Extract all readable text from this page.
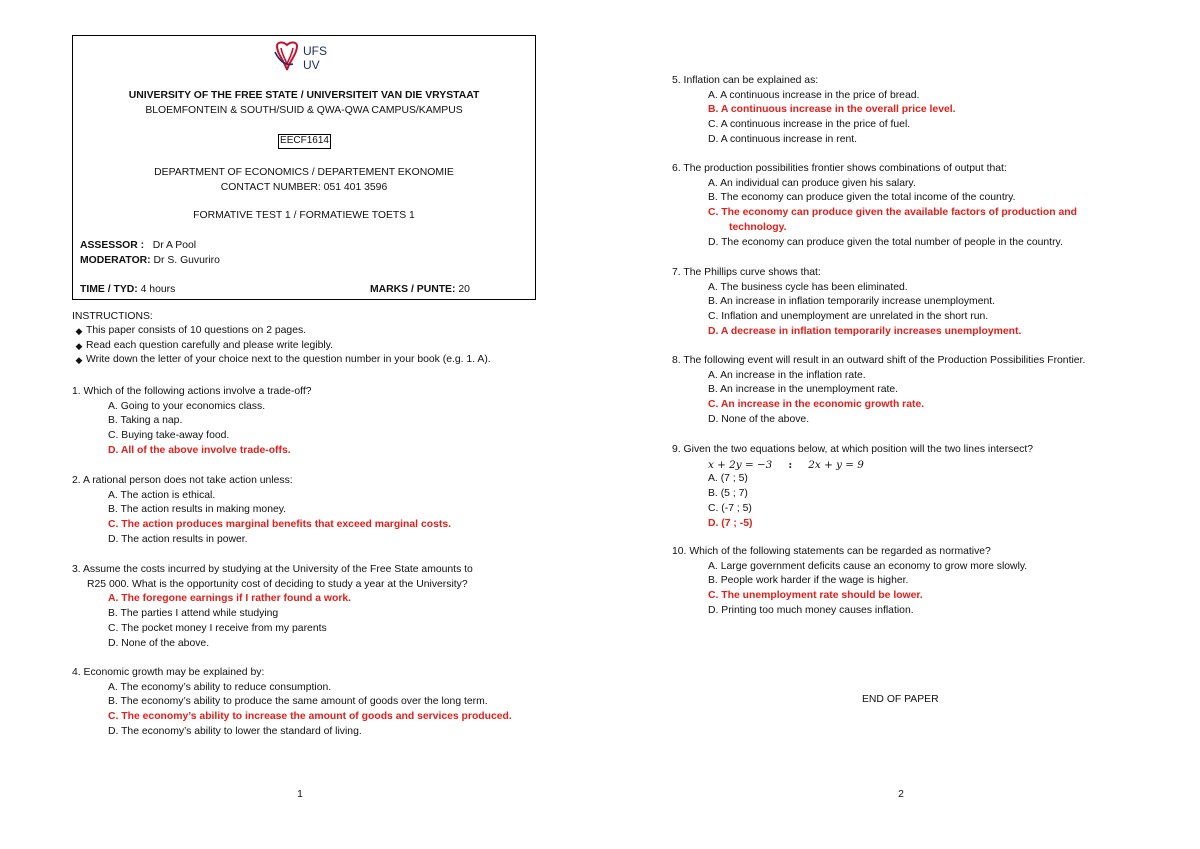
UFS
UV
UNIVERSITY OF THE FREE STATE / UNIVERSITEIT VAN DIE VRYSTAAT
BLOEMFONTEIN & SOUTH/SUID & QWA-QWA CAMPUS/KAMPUS
EECF1614
DEPARTMENT OF ECONOMICS / DEPARTEMENT EKONOMIE
CONTACT NUMBER: 051 401 3596
FORMATIVE TEST 1 / FORMATIEWE TOETS 1
ASSESSOR : Dr A Pool
MODERATOR: Dr S. Guvuriro
TIME / TYD: 4 hours	MARKS / PUNTE: 20
INSTRUCTIONS:
◆ This paper consists of 10 questions on 2 pages.
◆ Read each question carefully and please write legibly.
◆ Write down the letter of your choice next to the question number in your book (e.g. 1. A).
1. Which of the following actions involve a trade-off?
A. Going to your economics class.
B. Taking a nap.
C. Buying take-away food.
D. All of the above involve trade-offs.
2. A rational person does not take action unless:
A. The action is ethical.
B. The action results in making money.
C. The action produces marginal benefits that exceed marginal costs.
D. The action results in power.
3. Assume the costs incurred by studying at the University of the Free State amounts to
R25 000. What is the opportunity cost of deciding to study a year at the University?
A. The foregone earnings if I rather found a work.
B. The parties I attend while studying
C. The pocket money I receive from my parents
D. None of the above.
4. Economic growth may be explained by:
A. The economy’s ability to reduce consumption.
B. The economy’s ability to produce the same amount of goods over the long term.
C. The economy’s ability to increase the amount of goods and services produced.
D. The economy’s ability to lower the standard of living.
1
5. Inflation can be explained as:
A. A continuous increase in the price of bread.
B. A continuous increase in the overall price level.
C. A continuous increase in the price of fuel.
D. A continuous increase in rent.
6. The production possibilities frontier shows combinations of output that:
A. An individual can produce given his salary.
B. The economy can produce given the total income of the country.
C. The economy can produce given the available factors of production and
technology.
D. The economy can produce given the total number of people in the country.
7. The Phillips curve shows that:
A. The business cycle has been eliminated.
B. An increase in inflation temporarily increase unemployment.
C. Inflation and unemployment are unrelated in the short run.
D. A decrease in inflation temporarily increases unemployment.
8. The following event will result in an outward shift of the Production Possibilities Frontier.
A. An increase in the inflation rate.
B. An increase in the unemployment rate.
C. An increase in the economic growth rate.
D. None of the above.
9. Given the two equations below, at which position will the two lines intersect?
𝑥 + 2𝑦 = −3 : 2𝑥 + 𝑦 = 9
A. (7 ; 5)
B. (5 ; 7)
C. (-7 ; 5)
D. (7 ; -5)
10. Which of the following statements can be regarded as normative?
A. Large government deficits cause an economy to grow more slowly.
B. People work harder if the wage is higher.
C. The unemployment rate should be lower.
D. Printing too much money causes inflation.
END OF PAPER
2
